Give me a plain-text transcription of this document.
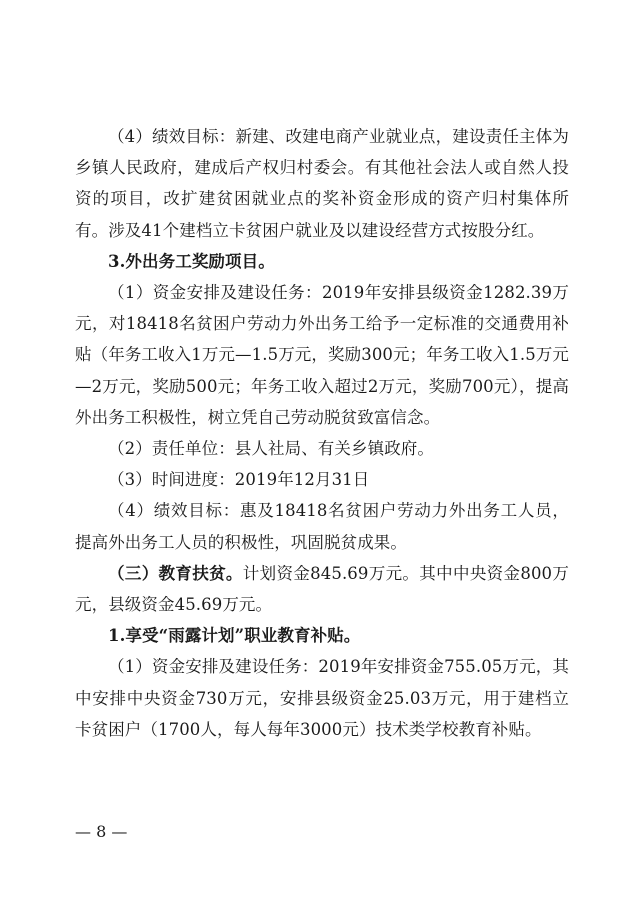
（4）绩效目标：新建、改建电商产业就业点，建设责任主体为乡镇人民政府，建成后产权归村委会。有其他社会法人或自然人投资的项目，改扩建贫困就业点的奖补资金形成的资产归村集体所有。涉及41个建档立卡贫困户就业及以建设经营方式按股分红。

3.外出务工奖励项目。

（1）资金安排及建设任务：2019年安排县级资金1282.39万元，对18418名贫困户劳动力外出务工给予一定标准的交通费用补贴（年务工收入1万元—1.5万元，奖励300元；年务工收入1.5万元—2万元，奖励500元；年务工收入超过2万元，奖励700元），提高外出务工积极性，树立凭自己劳动脱贫致富信念。

（2）责任单位：县人社局、有关乡镇政府。

（3）时间进度：2019年12月31日

（4）绩效目标：惠及18418名贫困户劳动力外出务工人员，提高外出务工人员的积极性，巩固脱贫成果。

（三）教育扶贫。计划资金845.69万元。其中中央资金800万元，县级资金45.69万元。

1.享受“雨露计划”职业教育补贴。

（1）资金安排及建设任务：2019年安排资金755.05万元，其中安排中央资金730万元，安排县级资金25.03万元，用于建档立卡贫困户（1700人，每人每年3000元）技术类学校教育补贴。

— 8 —
